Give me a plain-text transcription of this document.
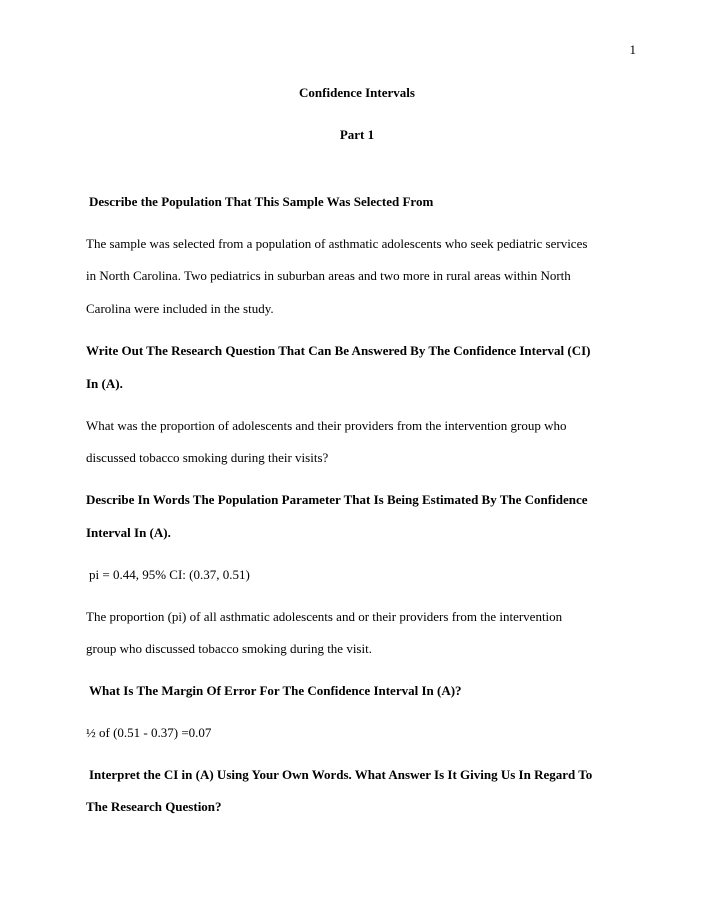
1
Confidence Intervals
Part 1
Describe the Population That This Sample Was Selected From
The sample was selected from a population of asthmatic adolescents who seek pediatric services
in North Carolina. Two pediatrics in suburban areas and two more in rural areas within North
Carolina were included in the study.
Write Out The Research Question That Can Be Answered By The Confidence Interval (CI)
In (A).
What was the proportion of adolescents and their providers from the intervention group who
discussed tobacco smoking during their visits?
Describe In Words The Population Parameter That Is Being Estimated By The Confidence
Interval In (A).
pi = 0.44, 95% CI: (0.37, 0.51)
The proportion (pi) of all asthmatic adolescents and or their providers from the intervention
group who discussed tobacco smoking during the visit.
What Is The Margin Of Error For The Confidence Interval In (A)?
½ of (0.51 - 0.37) =0.07
Interpret the CI in (A) Using Your Own Words. What Answer Is It Giving Us In Regard To
The Research Question?
